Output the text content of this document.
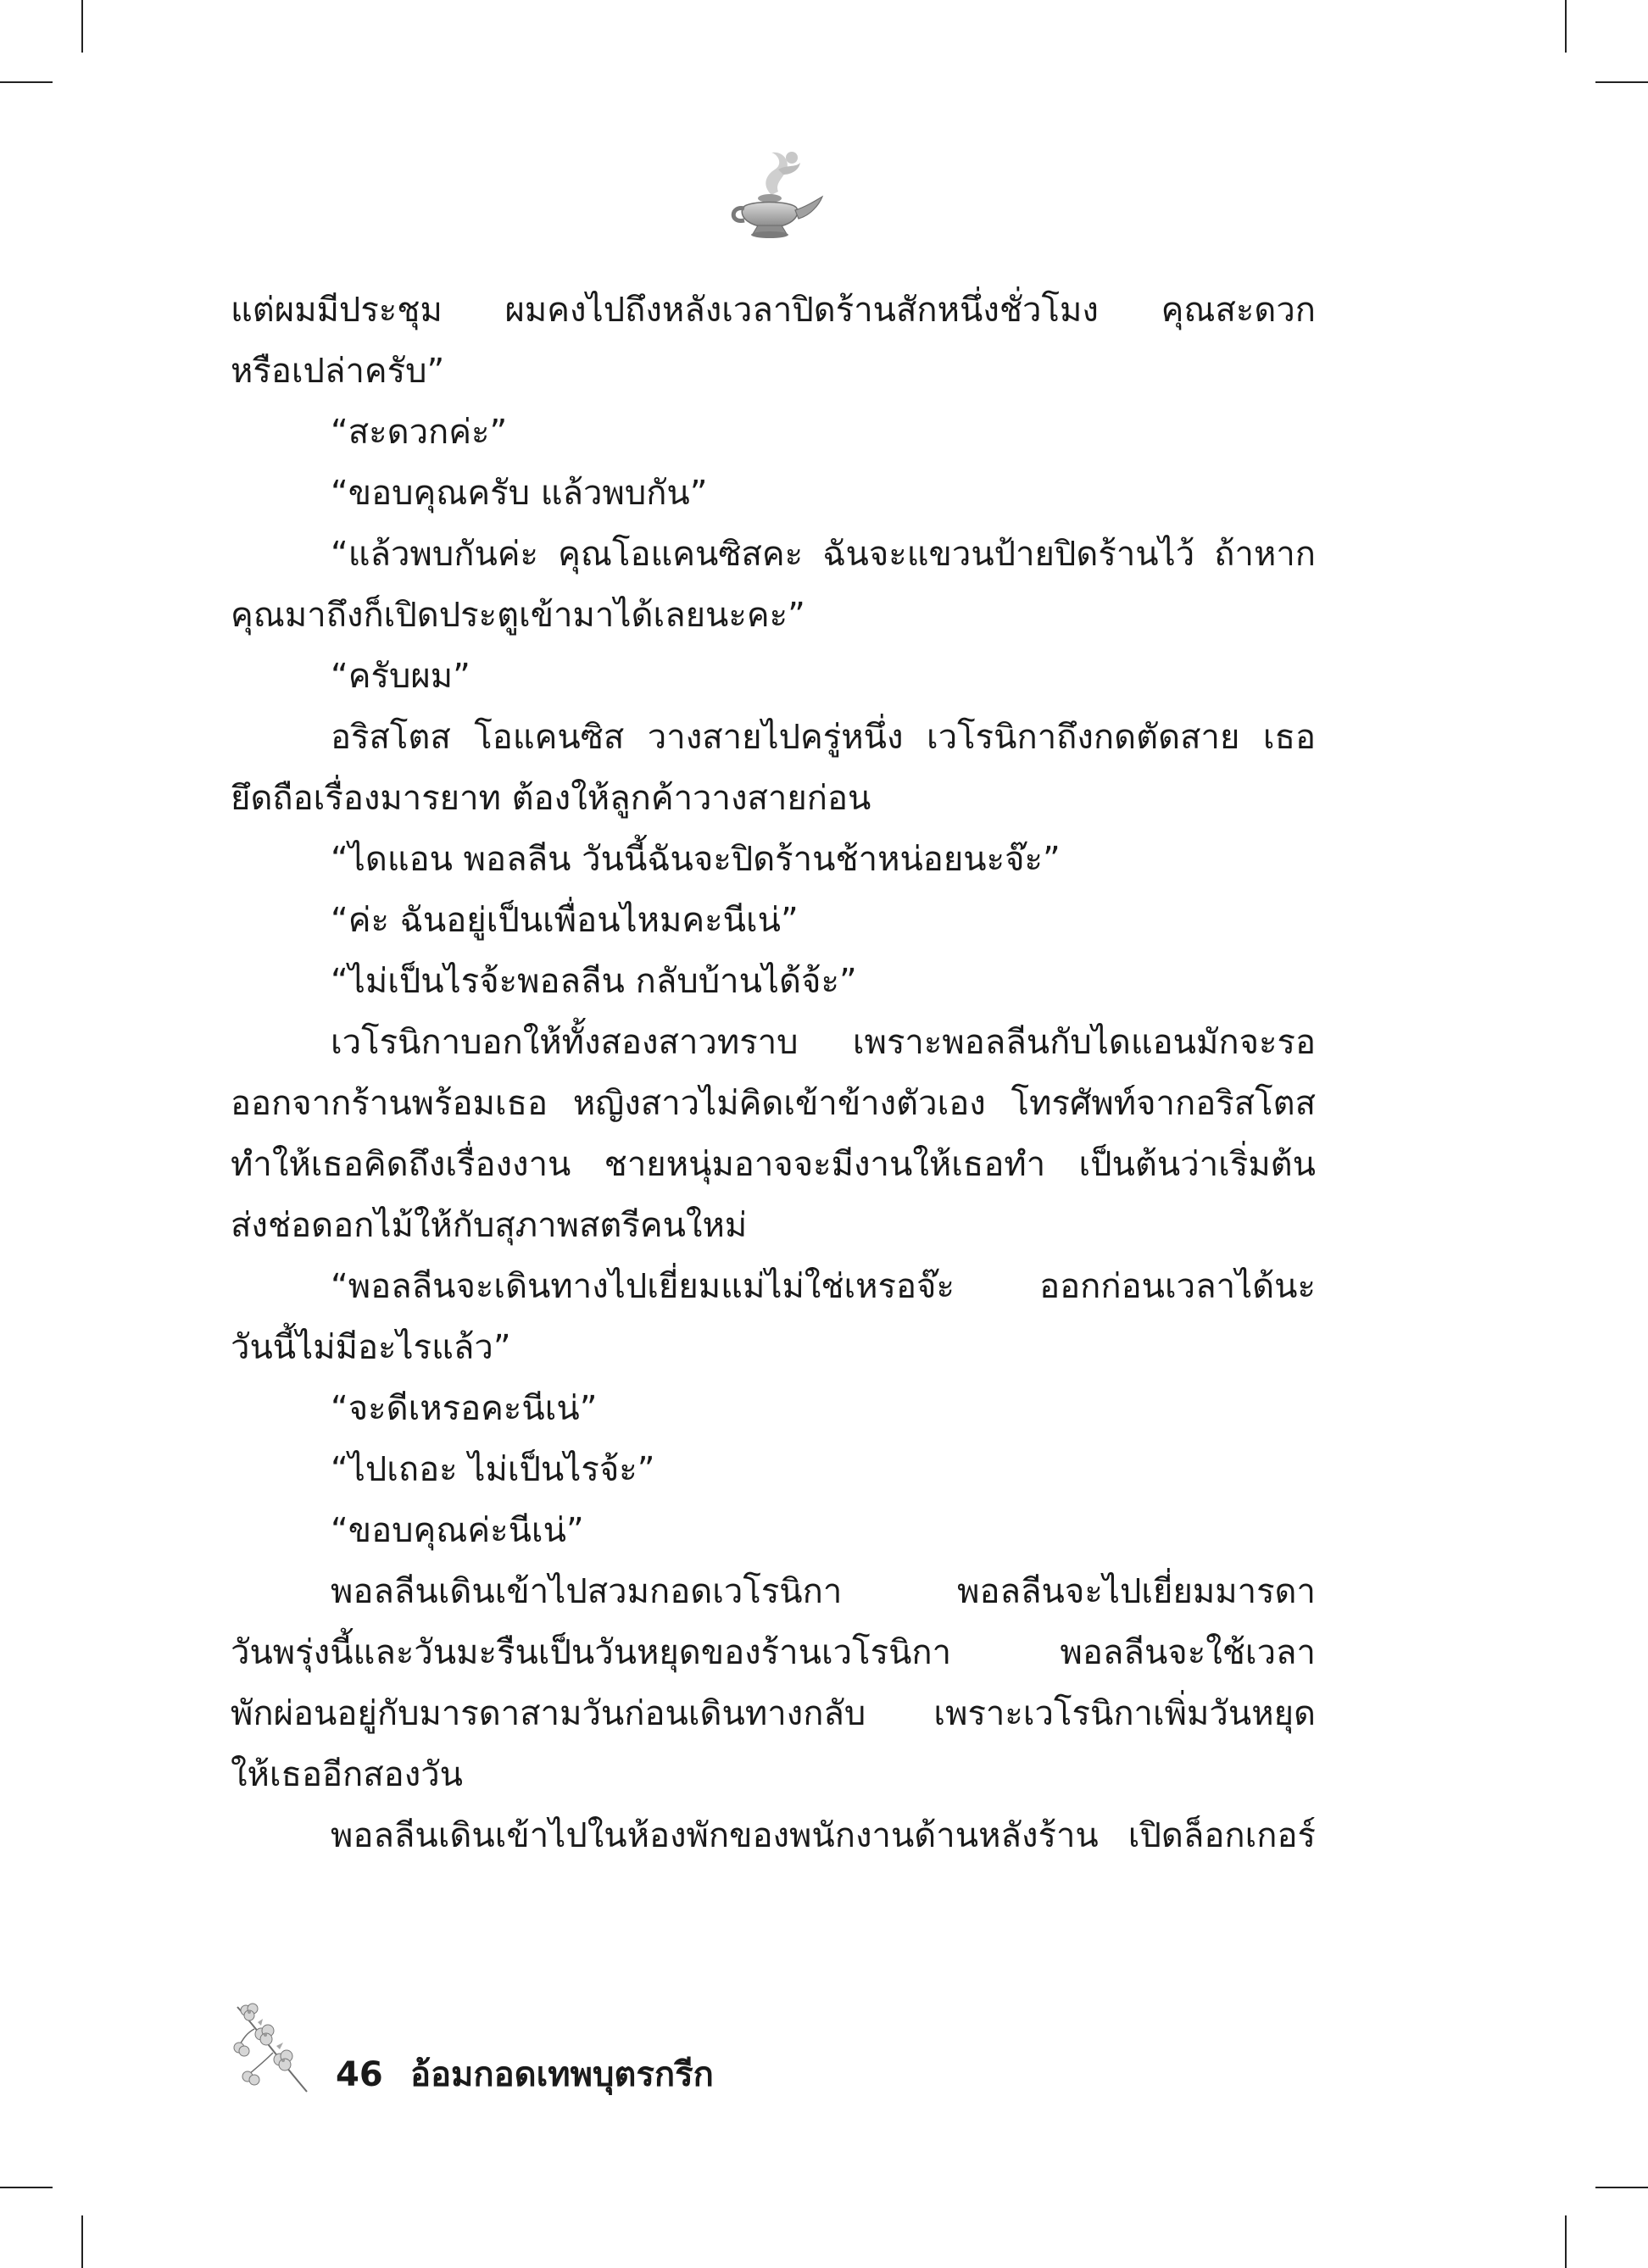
แต่ผมมีประชุม ผมคงไปถึงหลังเวลาปิดร้านสักหนึ่งชั่วโมง คุณสะดวก
หรือเปล่าครับ”
“สะดวกค่ะ”
“ขอบคุณครับ แล้วพบกัน”
“แล้วพบกันค่ะ คุณโอแคนซิสคะ ฉันจะแขวนป้ายปิดร้านไว้ ถ้าหาก
คุณมาถึงก็เปิดประตูเข้ามาได้เลยนะคะ”
“ครับผม”
อริสโตส โอแคนซิส วางสายไปครู่หนึ่ง เวโรนิกาถึงกดตัดสาย เธอ
ยึดถือเรื่องมารยาท ต้องให้ลูกค้าวางสายก่อน
“ไดแอน พอลลีน วันนี้ฉันจะปิดร้านช้าหน่อยนะจ๊ะ”
“ค่ะ ฉันอยู่เป็นเพื่อนไหมคะนีเน่”
“ไม่เป็นไรจ้ะพอลลีน กลับบ้านได้จ้ะ”
เวโรนิกาบอกให้ทั้งสองสาวทราบ เพราะพอลลีนกับไดแอนมักจะรอ
ออกจากร้านพร้อมเธอ หญิงสาวไม่คิดเข้าข้างตัวเอง โทรศัพท์จากอริสโตส
ทำให้เธอคิดถึงเรื่องงาน ชายหนุ่มอาจจะมีงานให้เธอทำ เป็นต้นว่าเริ่มต้น
ส่งช่อดอกไม้ให้กับสุภาพสตรีคนใหม่
“พอลลีนจะเดินทางไปเยี่ยมแม่ไม่ใช่เหรอจ๊ะ ออกก่อนเวลาได้นะ
วันนี้ไม่มีอะไรแล้ว”
“จะดีเหรอคะนีเน่”
“ไปเถอะ ไม่เป็นไรจ้ะ”
“ขอบคุณค่ะนีเน่”
พอลลีนเดินเข้าไปสวมกอดเวโรนิกา พอลลีนจะไปเยี่ยมมารดา
วันพรุ่งนี้และวันมะรืนเป็นวันหยุดของร้านเวโรนิกา พอลลีนจะใช้เวลา
พักผ่อนอยู่กับมารดาสามวันก่อนเดินทางกลับ เพราะเวโรนิกาเพิ่มวันหยุด
ให้เธออีกสองวัน
พอลลีนเดินเข้าไปในห้องพักของพนักงานด้านหลังร้าน เปิดล็อกเกอร์
46 อ้อมกอดเทพบุตรกรีก
